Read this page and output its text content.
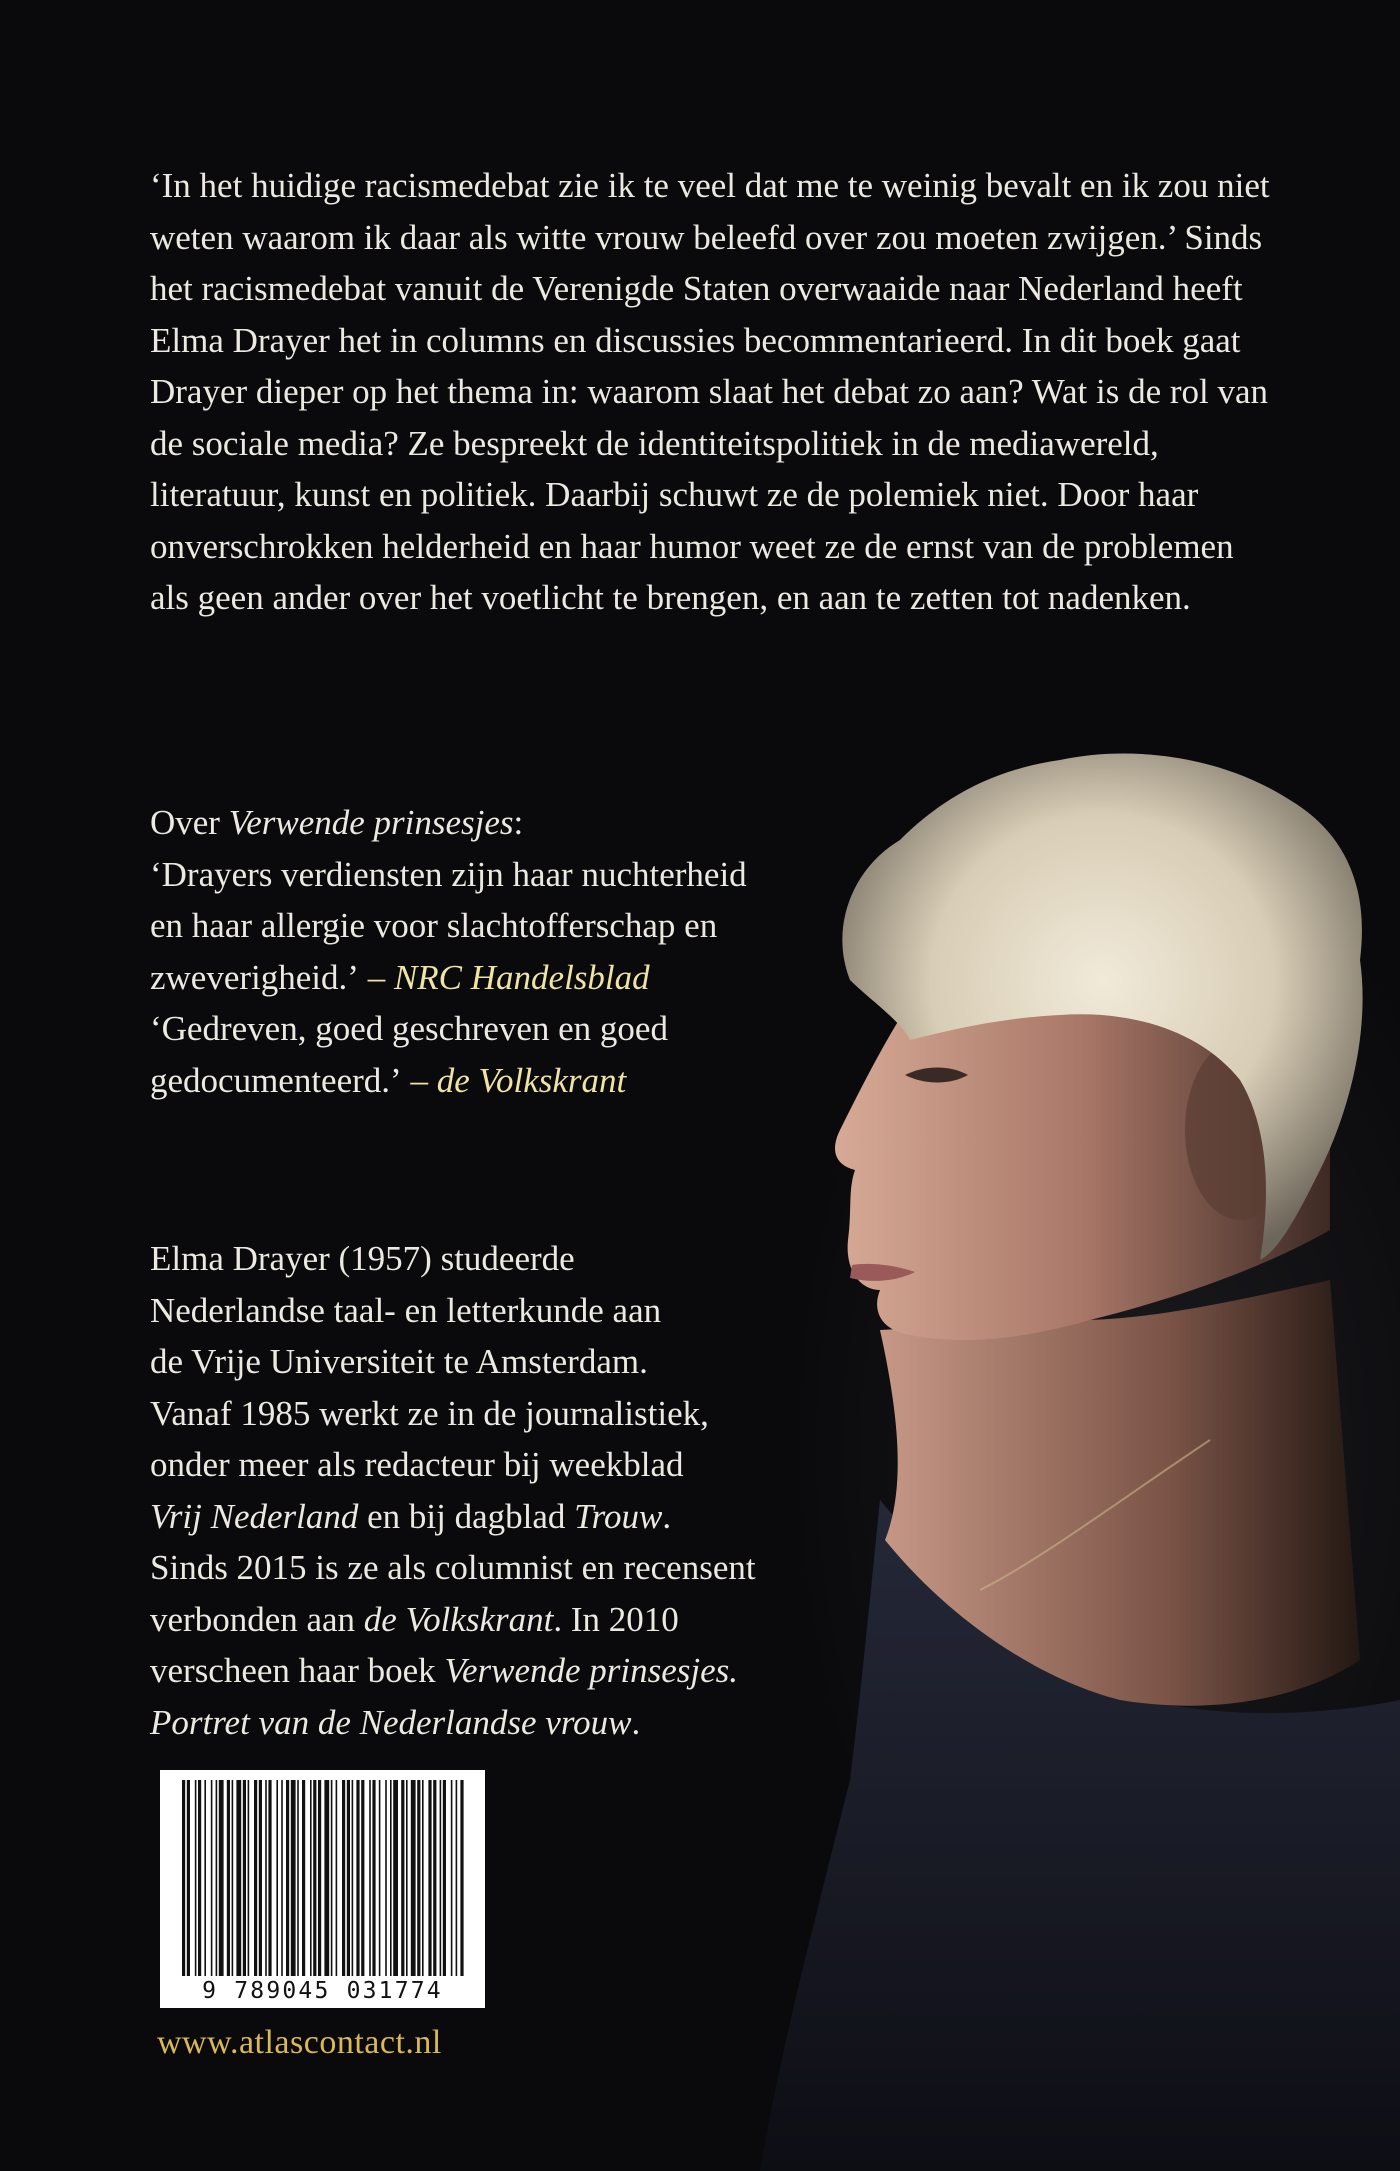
‘In het huidige racismedebat zie ik te veel dat me te weinig bevalt en ik zou niet weten waarom ik daar als witte vrouw beleefd over zou moeten zwijgen.’ Sinds het racismedebat vanuit de Verenigde Staten overwaaide naar Nederland heeft Elma Drayer het in columns en discussies becommentarieerd. In dit boek gaat Drayer dieper op het thema in: waarom slaat het debat zo aan? Wat is de rol van de sociale media? Ze bespreekt de identiteitspolitiek in de mediawereld, literatuur, kunst en politiek. Daarbij schuwt ze de polemiek niet. Door haar onverschrokken helderheid en haar humor weet ze de ernst van de problemen als geen ander over het voetlicht te brengen, en aan te zetten tot nadenken.

Over Verwende prinsesjes:
‘Drayers verdiensten zijn haar nuchterheid
en haar allergie voor slachtofferschap en
zweverigheid.’ – NRC Handelsblad
‘Gedreven, goed geschreven en goed
gedocumenteerd.’ – de Volkskrant
Elma Drayer (1957) studeerde
Nederlandse taal- en letterkunde aan
de Vrije Universiteit te Amsterdam.
Vanaf 1985 werkt ze in de journalistiek,
onder meer als redacteur bij weekblad
Vrij Nederland en bij dagblad Trouw.
Sinds 2015 is ze als columnist en recensent
verbonden aan de Volkskrant. In 2010
verscheen haar boek Verwende prinsesjes.
Portret van de Nederlandse vrouw.
9 789045 031774
www.atlascontact.nl
